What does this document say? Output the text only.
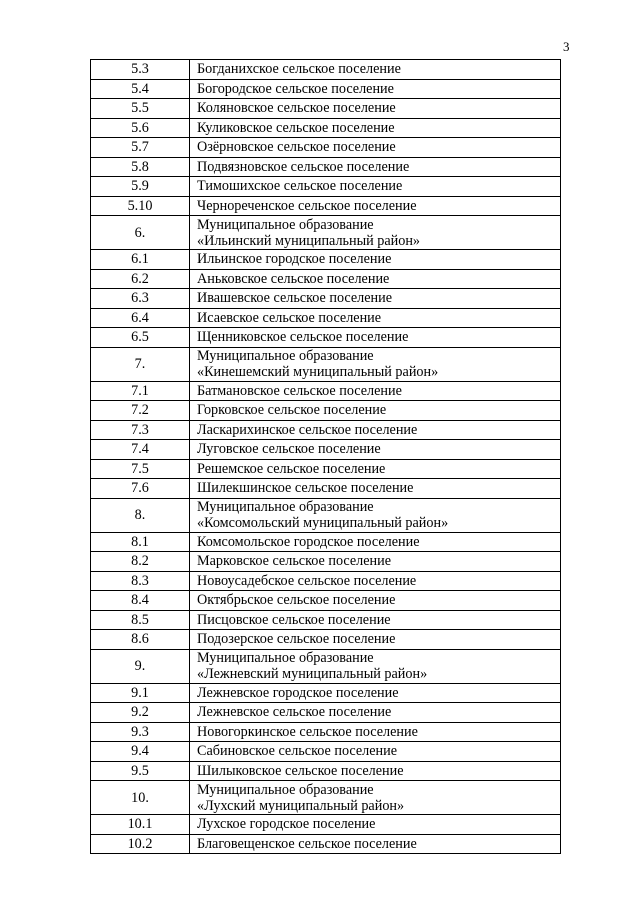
3
5.3	Богданихское сельское поселение

5.4	Богородское сельское поселение

5.5	Коляновское сельское поселение

5.6	Куликовское сельское поселение

5.7	Озёрновское сельское поселение

5.8	Подвязновское сельское поселение

5.9	Тимошихское сельское поселение

5.10	Чернореченское сельское поселение

6.	Муниципальное образование
«Ильинский муниципальный район»

6.1	Ильинское городское поселение

6.2	Аньковское сельское поселение

6.3	Ивашевское сельское поселение

6.4	Исаевское сельское поселение

6.5	Щенниковское сельское поселение

7.	Муниципальное образование
«Кинешемский муниципальный район»

7.1	Батмановское сельское поселение

7.2	Горковское сельское поселение

7.3	Ласкарихинское сельское поселение

7.4	Луговское сельское поселение

7.5	Решемское сельское поселение

7.6	Шилекшинское сельское поселение

8.	Муниципальное образование
«Комсомольский муниципальный район»

8.1	Комсомольское городское поселение

8.2	Марковское сельское поселение

8.3	Новоусадебское сельское поселение

8.4	Октябрьское сельское поселение

8.5	Писцовское сельское поселение

8.6	Подозерское сельское поселение

9.	Муниципальное образование
«Лежневский муниципальный район»

9.1	Лежневское городское поселение

9.2	Лежневское сельское поселение

9.3	Новогоркинское сельское поселение

9.4	Сабиновское сельское поселение

9.5	Шилыковское сельское поселение

10.	Муниципальное образование
«Лухский муниципальный район»

10.1	Лухское городское поселение

10.2	Благовещенское сельское поселение
